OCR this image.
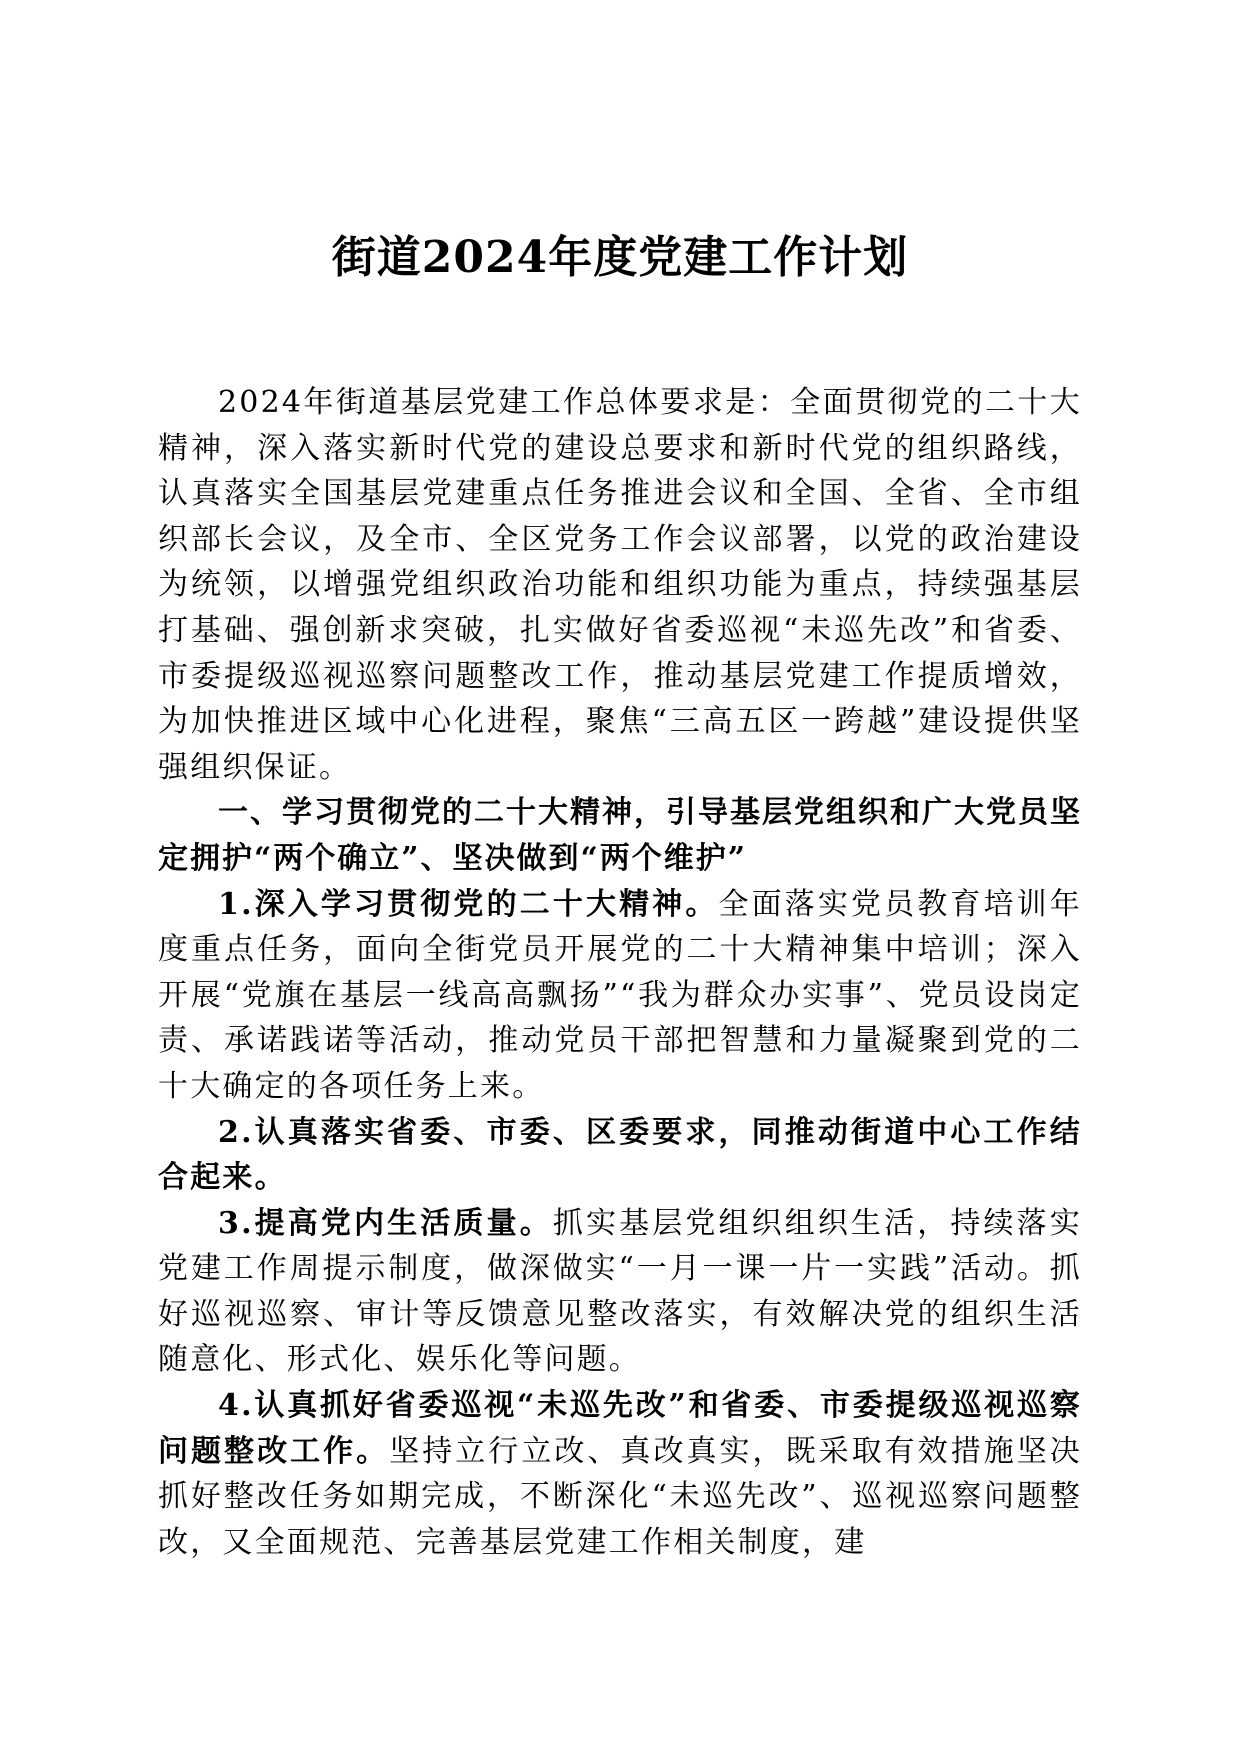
街道2024年度党建工作计划

2024年街道基层党建工作总体要求是：全面贯彻党的二十大精神，深入落实新时代党的建设总要求和新时代党的组织路线，认真落实全国基层党建重点任务推进会议和全国、全省、全市组织部长会议，及全市、全区党务工作会议部署，以党的政治建设为统领，以增强党组织政治功能和组织功能为重点，持续强基层打基础、强创新求突破，扎实做好省委巡视“未巡先改”和省委、市委提级巡视巡察问题整改工作，推动基层党建工作提质增效，为加快推进区域中心化进程，聚焦“三高五区一跨越”建设提供坚强组织保证。

一、学习贯彻党的二十大精神，引导基层党组织和广大党员坚定拥护“两个确立”、坚决做到“两个维护”

1.深入学习贯彻党的二十大精神。全面落实党员教育培训年度重点任务，面向全街党员开展党的二十大精神集中培训；深入开展“党旗在基层一线高高飘扬”“我为群众办实事”、党员设岗定责、承诺践诺等活动，推动党员干部把智慧和力量凝聚到党的二十大确定的各项任务上来。

2.认真落实省委、市委、区委要求，同推动街道中心工作结合起来。

3.提高党内生活质量。抓实基层党组织组织生活，持续落实党建工作周提示制度，做深做实“一月一课一片一实践”活动。抓好巡视巡察、审计等反馈意见整改落实，有效解决党的组织生活随意化、形式化、娱乐化等问题。

4.认真抓好省委巡视“未巡先改”和省委、市委提级巡视巡察问题整改工作。坚持立行立改、真改真实，既采取有效措施坚决抓好整改任务如期完成，不断深化“未巡先改”、巡视巡察问题整改，又全面规范、完善基层党建工作相关制度，建
